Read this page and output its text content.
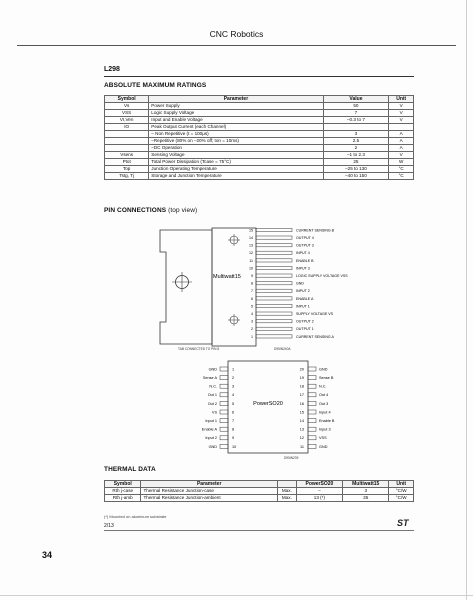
CNC Robotics
L298
ABSOLUTE MAXIMUM RATINGS
Symbol	Parameter	Value	Unit
Vs	Power Supply	50	V
VSS	Logic Supply Voltage	7	V
VI,Ven	Input and Enable Voltage	–0.3 to 7	V
IO	Peak Output Current (each Channel)		
	– Non Repetitive (t = 100μs)	3	A
	–Repetitive (80% on –20% off; ton = 10ms)	2.5	A
	–DC Operation	2	A
Vsens	Sensing Voltage	–1 to 2.3	V
Ptot	Total Power Dissipation (Tcase = 75°C)	25	W
Top	Junction Operating Temperature	–25 to 130	°C
Tstg, Tj	Storage and Junction Temperature	–40 to 150	°C
PIN CONNECTIONS (top view)
Multiwatt15
15	CURRENT SENSING B
14	OUTPUT 4
13	OUTPUT 3
12	INPUT 4
11	ENABLE B
10	INPUT 3
9	LOGIC SUPPLY VOLTAGE VSS
8	GND
7	INPUT 2
6	ENABLE A
5	INPUT 1
4	SUPPLY VOLTAGE VS
3	OUTPUT 2
2	OUTPUT 1
1	CURRENT SENSING A
TAB CONNECTED TO PIN 8	D95IN240A
PowerSO20
1
GND
2
Sense A
3
N.C.
4
Out 1
5
Out 2
6
VS
7
Input 1
8
Enable A
9
Input 2
10
GND
20	GND
19	Sense B
18	N.C.
17	Out 4
16	Out 3
15	Input 4
14	Enable B
13	Input 3
12	VSS
11	GND
D95IN239
THERMAL DATA
Symbol	Parameter		PowerSO20	Multiwatt15	Unit
Rth j-case	Thermal Resistance Junction-case	Max.	–	3	°C/W
Rth j-amb	Thermal Resistance Junction-ambient	Max.	13 (*)	35	°C/W
(*) Mounted on aluminum substrate
2/13	ST
34
